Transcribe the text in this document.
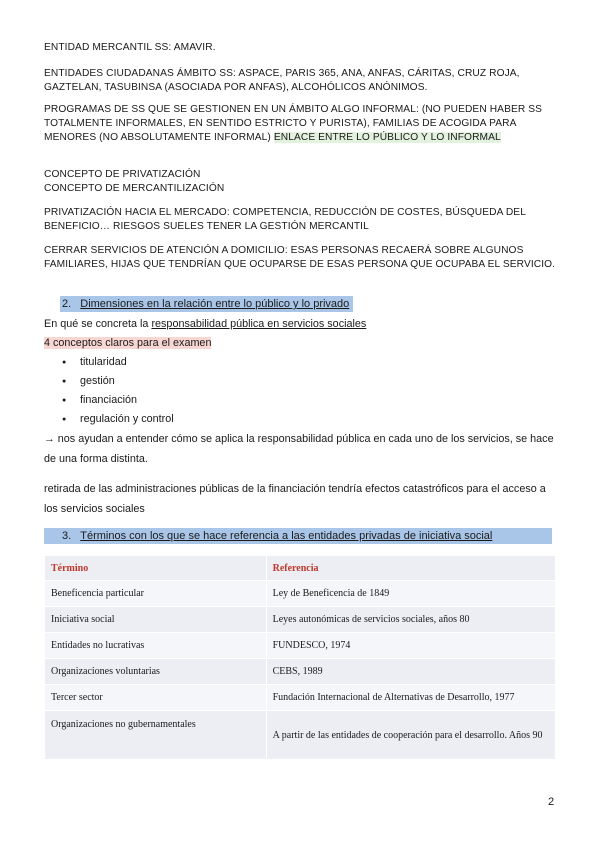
ENTIDAD MERCANTIL SS: AMAVIR.
ENTIDADES CIUDADANAS ÁMBITO SS: ASPACE, PARIS 365, ANA, ANFAS, CÁRITAS, CRUZ ROJA, GAZTELAN, TASUBINSA (ASOCIADA POR ANFAS), ALCOHÓLICOS ANÓNIMOS.
PROGRAMAS DE SS QUE SE GESTIONEN EN UN ÁMBITO ALGO INFORMAL: (NO PUEDEN HABER SS TOTALMENTE INFORMALES, EN SENTIDO ESTRICTO Y PURISTA), FAMILIAS DE ACOGIDA PARA MENORES (NO ABSOLUTAMENTE INFORMAL) ENLACE ENTRE LO PÚBLICO Y LO INFORMAL
CONCEPTO DE PRIVATIZACIÓN
CONCEPTO DE MERCANTILIZACIÓN
PRIVATIZACIÓN HACIA EL MERCADO: COMPETENCIA, REDUCCIÓN DE COSTES, BÚSQUEDA DEL BENEFICIO… RIESGOS SUELES TENER LA GESTIÓN MERCANTIL
CERRAR SERVICIOS DE ATENCIÓN A DOMICILIO: ESAS PERSONAS RECAERÁ SOBRE ALGUNOS FAMILIARES, HIJAS QUE TENDRÍAN QUE OCUPARSE DE ESAS PERSONA QUE OCUPABA EL SERVICIO.
2. Dimensiones en la relación entre lo público y lo privado
En qué se concreta la responsabilidad pública en servicios sociales
4 conceptos claros para el examen
● titularidad
● gestión
● financiación
● regulación y control
→ nos ayudan a entender cómo se aplica la responsabilidad pública en cada uno de los servicios, se hace de una forma distinta.
retirada de las administraciones públicas de la financiación tendría efectos catastróficos para el acceso a los servicios sociales
3. Términos con los que se hace referencia a las entidades privadas de iniciativa social
Término	Referencia
Beneficencia particular	Ley de Beneficencia de 1849
Iniciativa social	Leyes autonómicas de servicios sociales, años 80
Entidades no lucrativas	FUNDESCO, 1974
Organizaciones voluntarias	CEBS, 1989
Tercer sector	Fundación Internacional de Alternativas de Desarrollo, 1977
Organizaciones no gubernamentales	A partir de las entidades de cooperación para el desarrollo. Años 90
2
